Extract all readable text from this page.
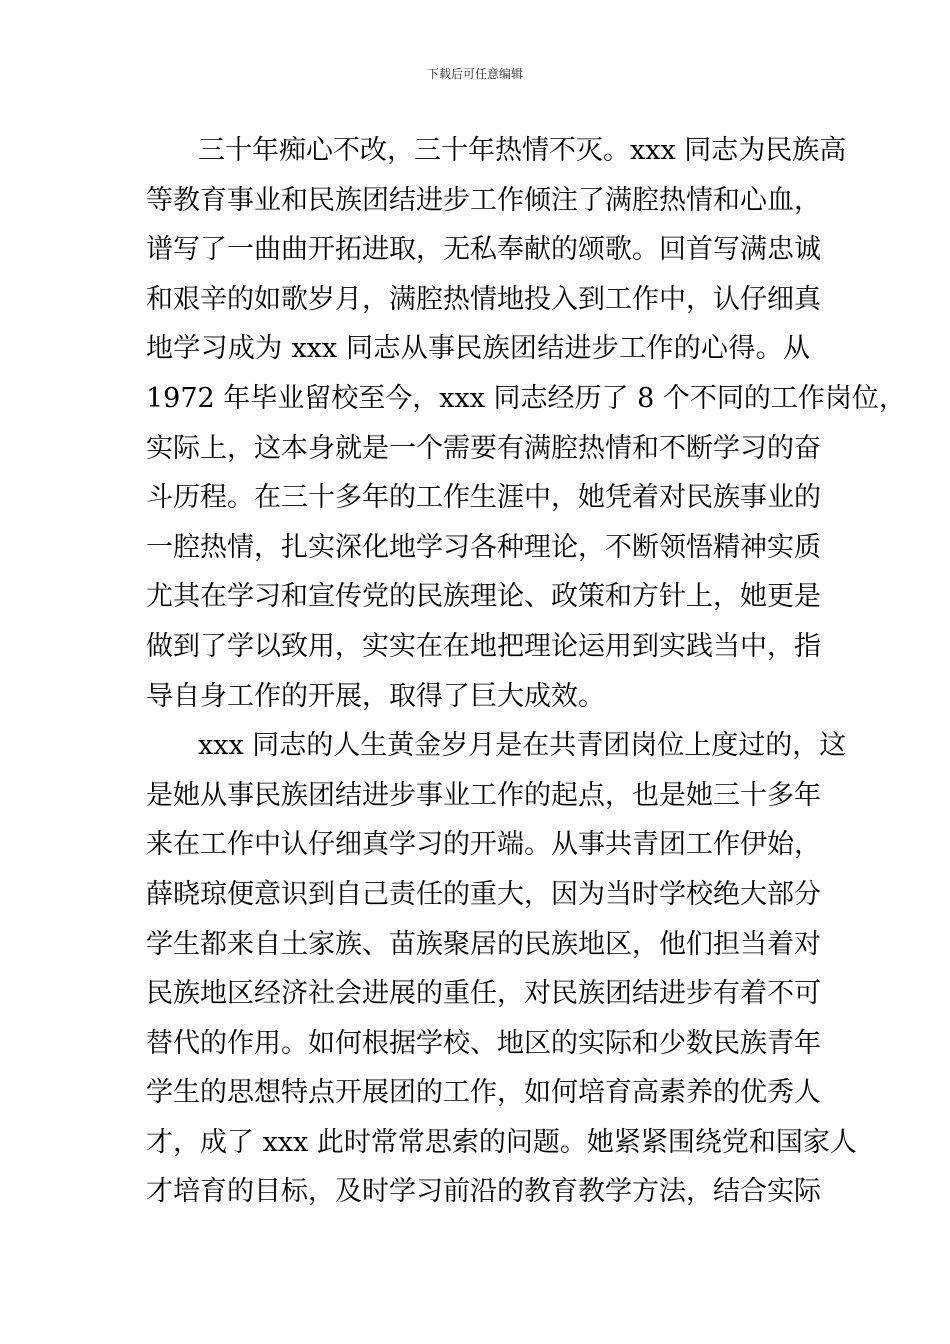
下载后可任意编辑
三十年痴心不改，三十年热情不灭。xxx 同志为民族高
等教育事业和民族团结进步工作倾注了满腔热情和心血，
谱写了一曲曲开拓进取，无私奉献的颂歌。回首写满忠诚
和艰辛的如歌岁月，满腔热情地投入到工作中，认仔细真
地学习成为 xxx 同志从事民族团结进步工作的心得。从
1972 年毕业留校至今，xxx 同志经历了 8 个不同的工作岗位，
实际上，这本身就是一个需要有满腔热情和不断学习的奋
斗历程。在三十多年的工作生涯中，她凭着对民族事业的
一腔热情，扎实深化地学习各种理论，不断领悟精神实质
尤其在学习和宣传党的民族理论、政策和方针上，她更是
做到了学以致用，实实在在地把理论运用到实践当中，指
导自身工作的开展，取得了巨大成效。
xxx 同志的人生黄金岁月是在共青团岗位上度过的，这
是她从事民族团结进步事业工作的起点，也是她三十多年
来在工作中认仔细真学习的开端。从事共青团工作伊始，
薛晓琼便意识到自己责任的重大，因为当时学校绝大部分
学生都来自土家族、苗族聚居的民族地区，他们担当着对
民族地区经济社会进展的重任，对民族团结进步有着不可
替代的作用。如何根据学校、地区的实际和少数民族青年
学生的思想特点开展团的工作，如何培育高素养的优秀人
才，成了 xxx 此时常常思索的问题。她紧紧围绕党和国家人
才培育的目标，及时学习前沿的教育教学方法，结合实际
